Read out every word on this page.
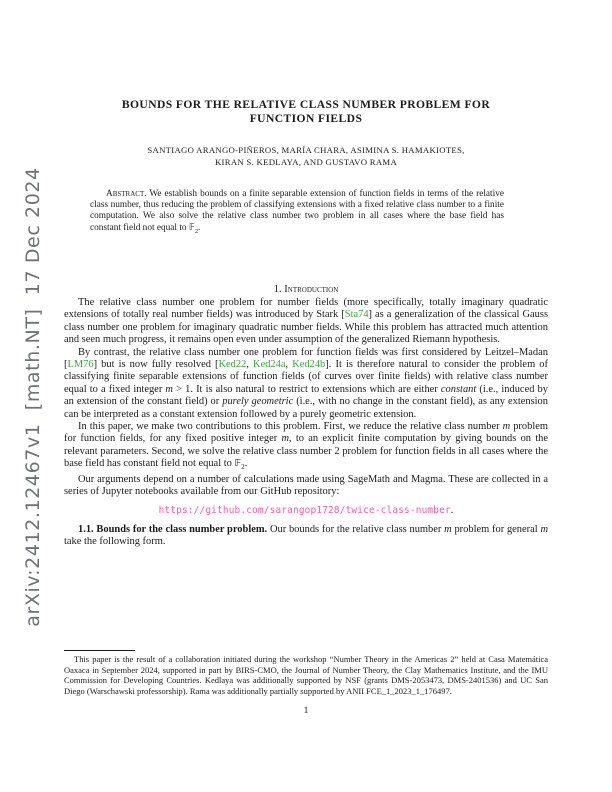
arXiv:2412.12467v1  [math.NT]  17 Dec 2024
BOUNDS FOR THE RELATIVE CLASS NUMBER PROBLEM FOR
FUNCTION FIELDS
SANTIAGO ARANGO-PIÑEROS, MARÍA CHARA, ASIMINA S. HAMAKIOTES,
KIRAN S. KEDLAYA, AND GUSTAVO RAMA
Abstract. We establish bounds on a finite separable extension of function fields in terms of the relative class number, thus reducing the problem of classifying extensions with a fixed relative class number to a finite computation. We also solve the relative class number two problem in all cases where the base field has constant field not equal to 𝔽$_2$.
1. Introduction

The relative class number one problem for number fields (more specifically, totally imaginary quadratic extensions of totally real number fields) was introduced by Stark [Sta74] as a generalization of the classical Gauss class number one problem for imaginary quadratic number fields. While this problem has attracted much attention and seen much progress, it remains open even under assumption of the generalized Riemann hypothesis.

By contrast, the relative class number one problem for function fields was first considered by Leitzel–Madan [LM76] but is now fully resolved [Ked22, Ked24a, Ked24b]. It is therefore natural to consider the problem of classifying finite separable extensions of function fields (of curves over finite fields) with relative class number equal to a fixed integer m > 1. It is also natural to restrict to extensions which are either constant (i.e., induced by an extension of the constant field) or purely geometric (i.e., with no change in the constant field), as any extension can be interpreted as a constant extension followed by a purely geometric extension.

In this paper, we make two contributions to this problem. First, we reduce the relative class number m problem for function fields, for any fixed positive integer m, to an explicit finite computation by giving bounds on the relevant parameters. Second, we solve the relative class number 2 problem for function fields in all cases where the base field has constant field not equal to 𝔽$_2$.

Our arguments depend on a number of calculations made using SageMath and Magma. These are collected in a series of Jupyter notebooks available from our GitHub repository:

https://github.com/sarangop1728/twice-class-number.

1.1. Bounds for the class number problem. Our bounds for the relative class number m problem for general m take the following form.

This paper is the result of a collaboration initiated during the workshop “Number Theory in the Americas 2” held at Casa Matemática Oaxaca in September 2024, supported in part by BIRS-CMO, the Journal of Number Theory, the Clay Mathematics Institute, and the IMU Commission for Developing Countries. Kedlaya was additionally supported by NSF (grants DMS-2053473, DMS-2401536) and UC San Diego (Warschawski professorship). Rama was additionally partially supported by ANII FCE_1_2023_1_176497.
1
